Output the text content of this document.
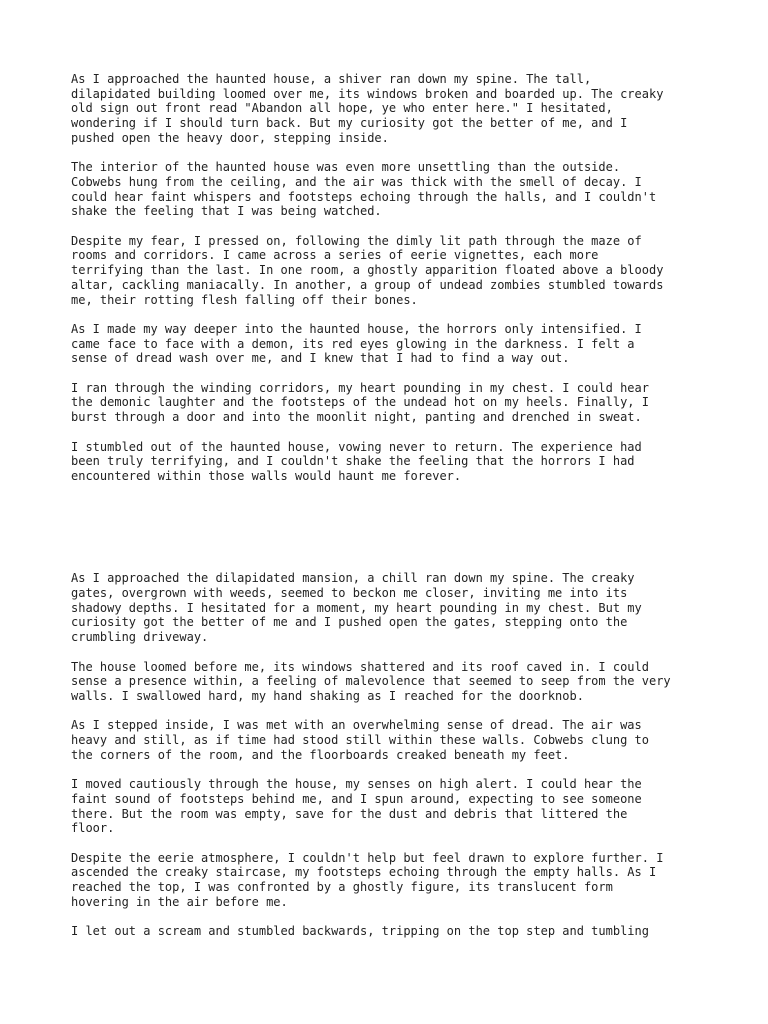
As I approached the haunted house, a shiver ran down my spine. The tall,
dilapidated building loomed over me, its windows broken and boarded up. The creaky
old sign out front read "Abandon all hope, ye who enter here." I hesitated,
wondering if I should turn back. But my curiosity got the better of me, and I
pushed open the heavy door, stepping inside.

The interior of the haunted house was even more unsettling than the outside.
Cobwebs hung from the ceiling, and the air was thick with the smell of decay. I
could hear faint whispers and footsteps echoing through the halls, and I couldn't
shake the feeling that I was being watched.

Despite my fear, I pressed on, following the dimly lit path through the maze of
rooms and corridors. I came across a series of eerie vignettes, each more
terrifying than the last. In one room, a ghostly apparition floated above a bloody
altar, cackling maniacally. In another, a group of undead zombies stumbled towards
me, their rotting flesh falling off their bones.

As I made my way deeper into the haunted house, the horrors only intensified. I
came face to face with a demon, its red eyes glowing in the darkness. I felt a
sense of dread wash over me, and I knew that I had to find a way out.

I ran through the winding corridors, my heart pounding in my chest. I could hear
the demonic laughter and the footsteps of the undead hot on my heels. Finally, I
burst through a door and into the moonlit night, panting and drenched in sweat.

I stumbled out of the haunted house, vowing never to return. The experience had
been truly terrifying, and I couldn't shake the feeling that the horrors I had
encountered within those walls would haunt me forever.

As I approached the dilapidated mansion, a chill ran down my spine. The creaky
gates, overgrown with weeds, seemed to beckon me closer, inviting me into its
shadowy depths. I hesitated for a moment, my heart pounding in my chest. But my
curiosity got the better of me and I pushed open the gates, stepping onto the
crumbling driveway.

The house loomed before me, its windows shattered and its roof caved in. I could
sense a presence within, a feeling of malevolence that seemed to seep from the very
walls. I swallowed hard, my hand shaking as I reached for the doorknob.

As I stepped inside, I was met with an overwhelming sense of dread. The air was
heavy and still, as if time had stood still within these walls. Cobwebs clung to
the corners of the room, and the floorboards creaked beneath my feet.

I moved cautiously through the house, my senses on high alert. I could hear the
faint sound of footsteps behind me, and I spun around, expecting to see someone
there. But the room was empty, save for the dust and debris that littered the
floor.

Despite the eerie atmosphere, I couldn't help but feel drawn to explore further. I
ascended the creaky staircase, my footsteps echoing through the empty halls. As I
reached the top, I was confronted by a ghostly figure, its translucent form
hovering in the air before me.

I let out a scream and stumbled backwards, tripping on the top step and tumbling
